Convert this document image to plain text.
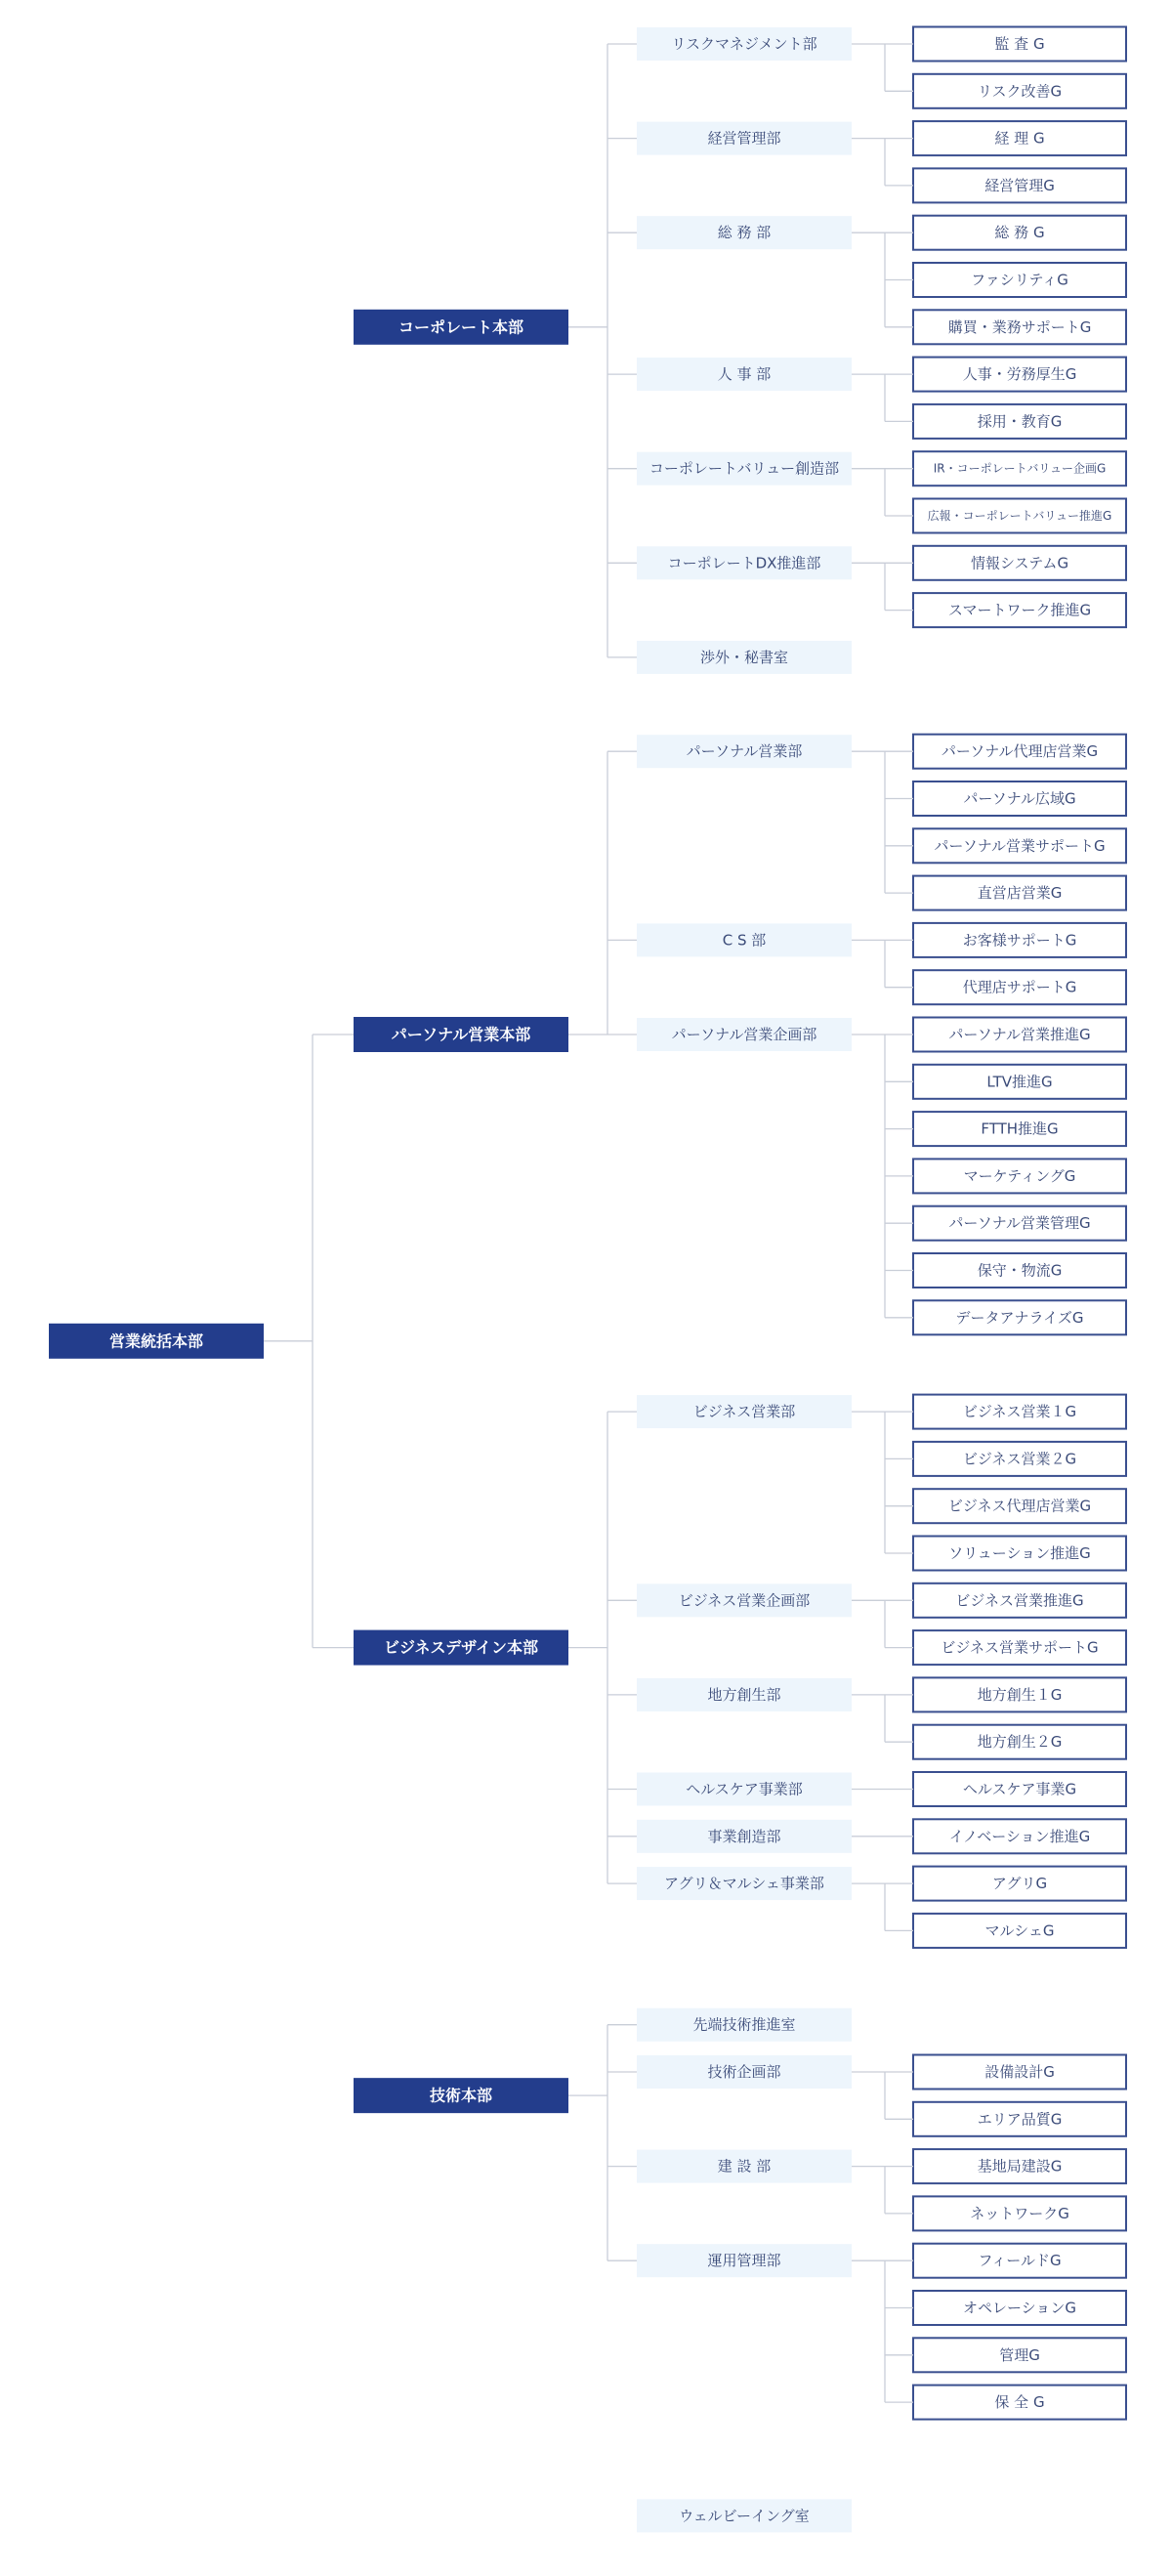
監 査 G
リスク改善G
リスクマネジメント部
経 理 G
経営管理G
経営管理部
総 務 G
ファシリティG
購買・業務サポートG
総 務 部
人事・労務厚生G
採用・教育G
人 事 部
IR・コーポレートバリュー企画G
広報・コーポレートバリュー推進G
コーポレートバリュー創造部
情報システムG
スマートワーク推進G
コーポレートDX推進部
渉外・秘書室
コーポレート本部
パーソナル代理店営業G
パーソナル広域G
パーソナル営業サポートG
直営店営業G
パーソナル営業部
お客様サポートG
代理店サポートG
C S 部
パーソナル営業推進G
LTV推進G
FTTH推進G
マーケティングG
パーソナル営業管理G
保守・物流G
データアナライズG
パーソナル営業企画部
パーソナル営業本部
ビジネス営業１G
ビジネス営業２G
ビジネス代理店営業G
ソリューション推進G
ビジネス営業部
ビジネス営業推進G
ビジネス営業サポートG
ビジネス営業企画部
地方創生１G
地方創生２G
地方創生部
ヘルスケア事業G
ヘルスケア事業部
イノベーション推進G
事業創造部
アグリG
マルシェG
アグリ＆マルシェ事業部
ビジネスデザイン本部
先端技術推進室
設備設計G
エリア品質G
技術企画部
基地局建設G
ネットワークG
建 設 部
フィールドG
オペレーションG
管理G
保 全 G
運用管理部
技術本部
営業統括本部
ウェルビーイング室
